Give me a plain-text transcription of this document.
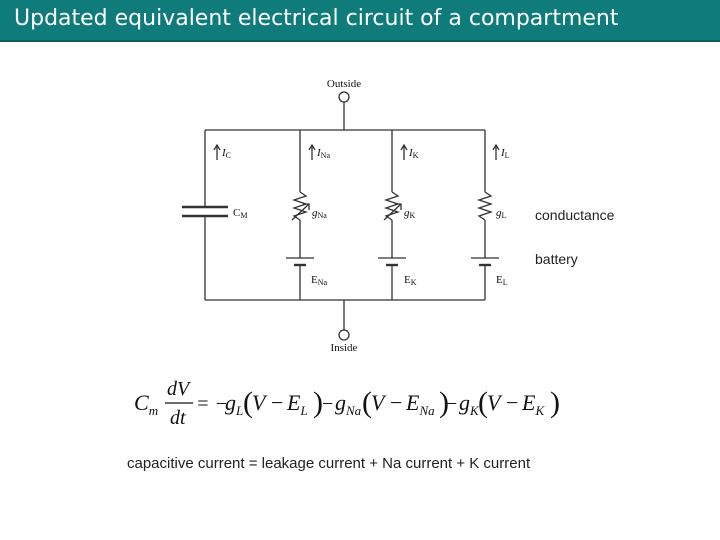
Updated equivalent electrical circuit of a compartment
Outside
Inside
IC	INa	IK	IL
CM	gNa	gK	gL
ENa	EK	EL
conductance
battery
$C_m$
dV
dt
= −
$g_L$ ( $V - E_L$ ) − $g_{Na}$ ( $V - E_{Na}$ )
− $g_K$ ( $V - E_K$ )
capacitive current = leakage current + Na current + K current
